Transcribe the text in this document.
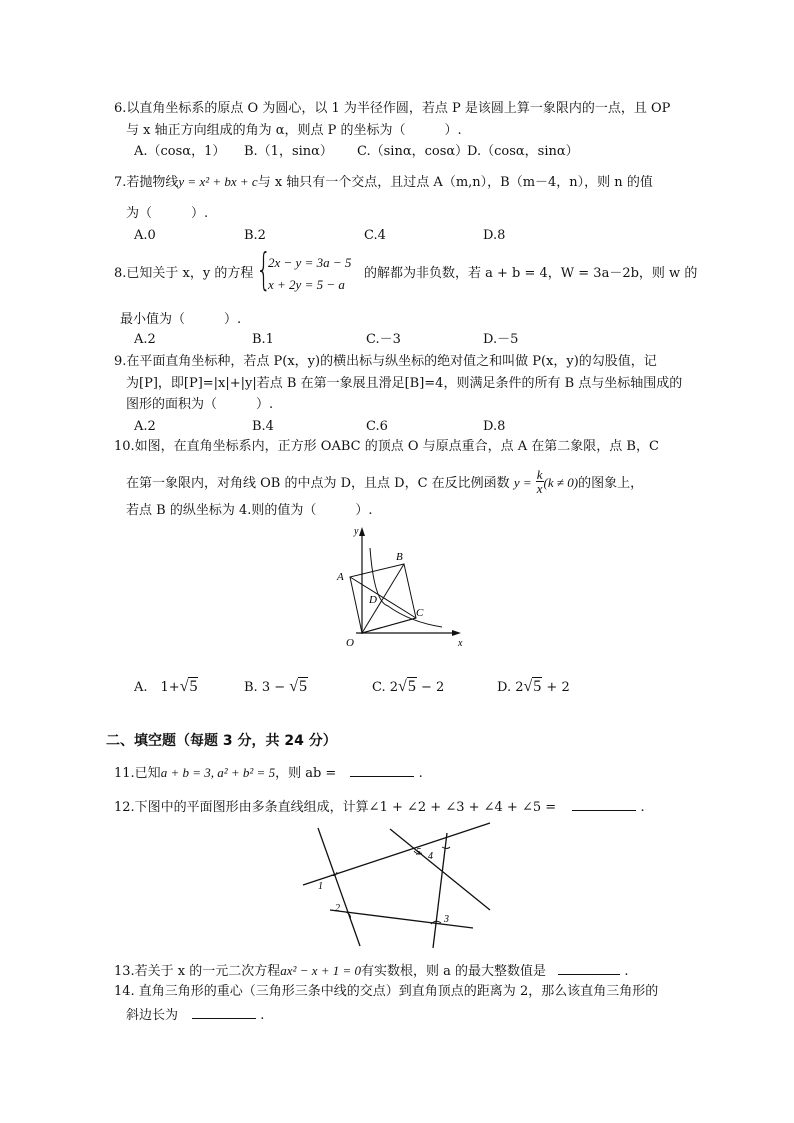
6.以直角坐标系的原点 O 为圆心，以 1 为半径作圆，若点 P 是该圆上算一象限内的一点，且 OP
与 x 轴正方向组成的角为 α，则点 P 的坐标为（　　　）.
A.（cosα，1） B.（1，sinα） C.（sinα，cosα）
D.（cosα，sinα）
7.若抛物线y = x² + bx + c与 x 轴只有一个交点，且过点 A（m,n），B（m－4，n），则 n 的值
为（　　　）.
A.0	B.2	C.4	D.8
8.已知关于 x，y 的方程 {
2x − y = 3a − 5
x + 2y = 5 − a
的解都为非负数，若 a + b = 4，W = 3a－2b，则 w 的
最小值为（　　　）.
A.2	B.1	C.－3	D.－5
9.在平面直角坐标种，若点 P(x，y)的横出标与纵坐标的绝对值之和叫做 P(x，y)的勾股值，记
为[P]，即[P]=|x|+|y|若点 B 在第一象展且滑足[B]=4，则满足条件的所有 B 点与坐标轴围成的
图形的面积为（　　　）.
A.2	B.4	C.6	D.8
10.如图，在直角坐标系内，正方形 OABC 的顶点 O 与原点重合，点 A 在第二象限，点 B，C
在第一象限内，对角线 OB 的中点为 D，且点 D，C 在反比例函数 $y = \frac{k}{x} (k \ne 0)$的图象上，
若点 B 的纵坐标为 4.则的值为（　　　）.
y
x
O
A
B
C
D
A.　1+√5	B. 3 − √5	C. 2√5 − 2	D. 2√5 + 2
二、填空题（每题 3 分，共 24 分）
11.已知a + b = 3, a² + b² = 5，则 ab =	.
12.下图中的平面图形由多条直线组成，计算∠1 + ∠2 + ∠3 + ∠4 + ∠5 =	.
1
2
3
4
5
13.若关于 x 的一元二次方程ax² − x + 1 = 0有实数根，则 a 的最大整数值是	.
14. 直角三角形的重心（三角形三条中线的交点）到直角顶点的距离为 2，那么该直角三角形的
斜边长为	.
